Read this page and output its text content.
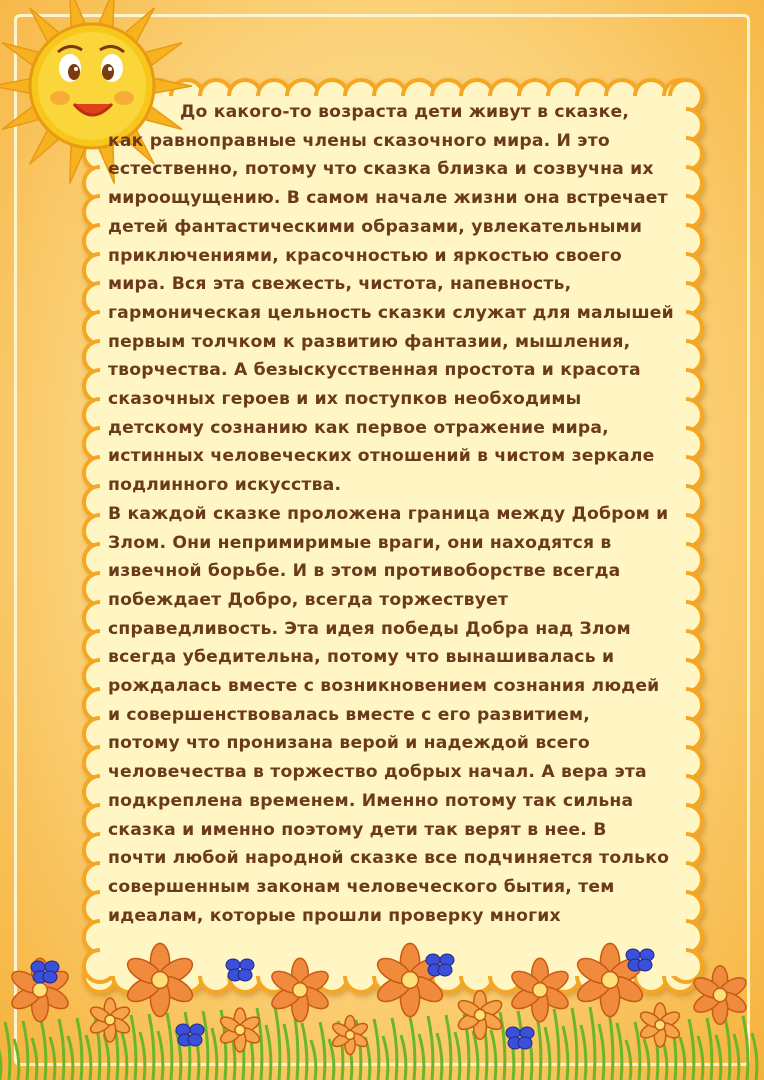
До какого-то возраста дети живут в сказке,
как равноправные члены сказочного мира. И это
естественно, потому что сказка близка и созвучна их
мироощущению. В самом начале жизни она встречает
детей фантастическими образами, увлекательными
приключениями, красочностью и яркостью своего
мира. Вся эта свежесть, чистота, напевность,
гармоническая цельность сказки служат для малышей
первым толчком к развитию фантазии, мышления,
творчества. А безыскусственная простота и красота
сказочных героев и их поступков необходимы
детскому сознанию как первое отражение мира,
истинных человеческих отношений в чистом зеркале
подлинного искусства.

В каждой сказке проложена граница между Добром и
Злом. Они непримиримые враги, они находятся в
извечной борьбе. И в этом противоборстве всегда
побеждает Добро, всегда торжествует
справедливость. Эта идея победы Добра над Злом
всегда убедительна, потому что вынашивалась и
рождалась вместе с возникновением сознания людей
и совершенствовалась вместе с его развитием,
потому что пронизана верой и надеждой всего
человечества в торжество добрых начал. А вера эта
подкреплена временем. Именно потому так сильна
сказка и именно поэтому дети так верят в нее. В
почти любой народной сказке все подчиняется только
совершенным законам человеческого бытия, тем
идеалам, которые прошли проверку многих
